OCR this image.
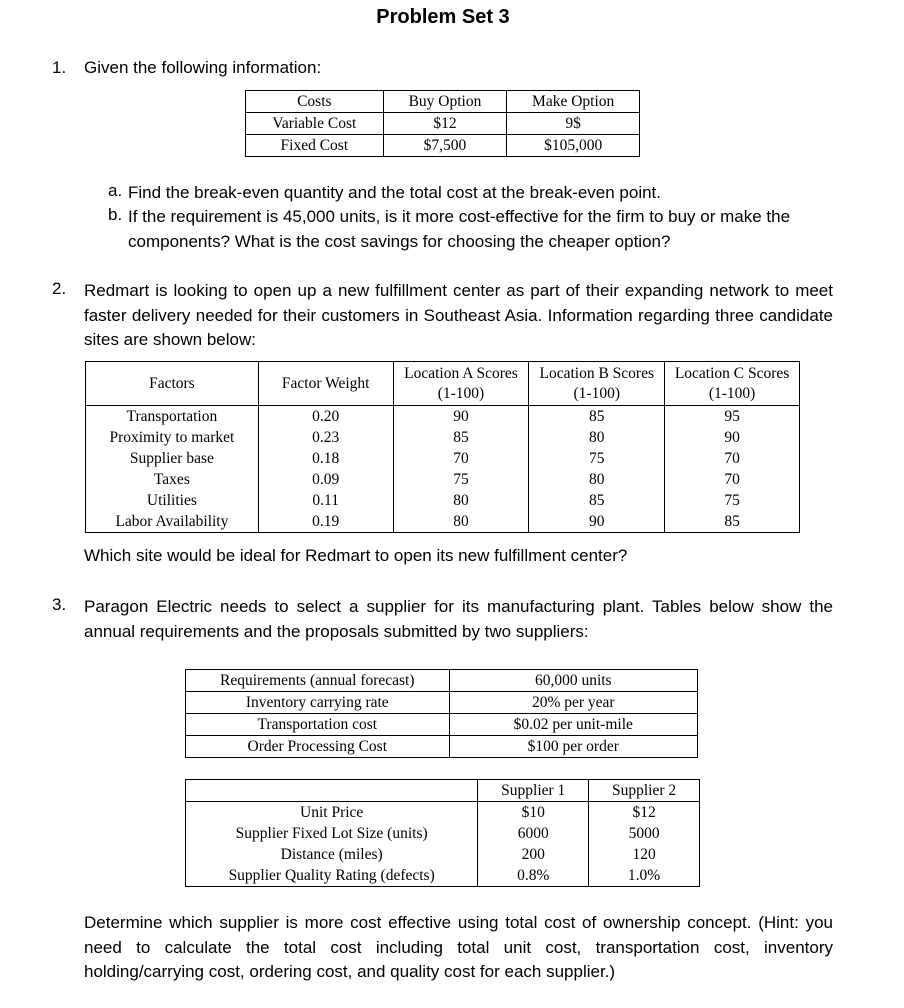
Problem Set 3
1.	Given the following information:
Costs	Buy Option	Make Option
Variable Cost	$12	9$
Fixed Cost	$7,500	$105,000
a. Find the break-even quantity and the total cost at the break-even point.
b. If the requirement is 45,000 units, is it more cost-effective for the firm to buy or make the components? What is the cost savings for choosing the cheaper option?
2.	Redmart is looking to open up a new fulfillment center as part of their expanding network to meet faster delivery needed for their customers in Southeast Asia. Information regarding three candidate sites are shown below:
Factors	Factor Weight	Location A Scores (1-100)	Location B Scores (1-100)	Location C Scores (1-100)
Transportation	0.20	90	85	95
Proximity to market	0.23	85	80	90
Supplier base	0.18	70	75	70
Taxes	0.09	75	80	70
Utilities	0.11	80	85	75
Labor Availability	0.19	80	90	85
Which site would be ideal for Redmart to open its new fulfillment center?
3.	Paragon Electric needs to select a supplier for its manufacturing plant. Tables below show the annual requirements and the proposals submitted by two suppliers:
Requirements (annual forecast)	60,000 units
Inventory carrying rate	20% per year
Transportation cost	$0.02 per unit-mile
Order Processing Cost	$100 per order
	Supplier 1	Supplier 2
Unit Price	$10	$12
Supplier Fixed Lot Size (units)	6000	5000
Distance (miles)	200	120
Supplier Quality Rating (defects)	0.8%	1.0%
Determine which supplier is more cost effective using total cost of ownership concept. (Hint: you need to calculate the total cost including total unit cost, transportation cost, inventory holding/carrying cost, ordering cost, and quality cost for each supplier.)
